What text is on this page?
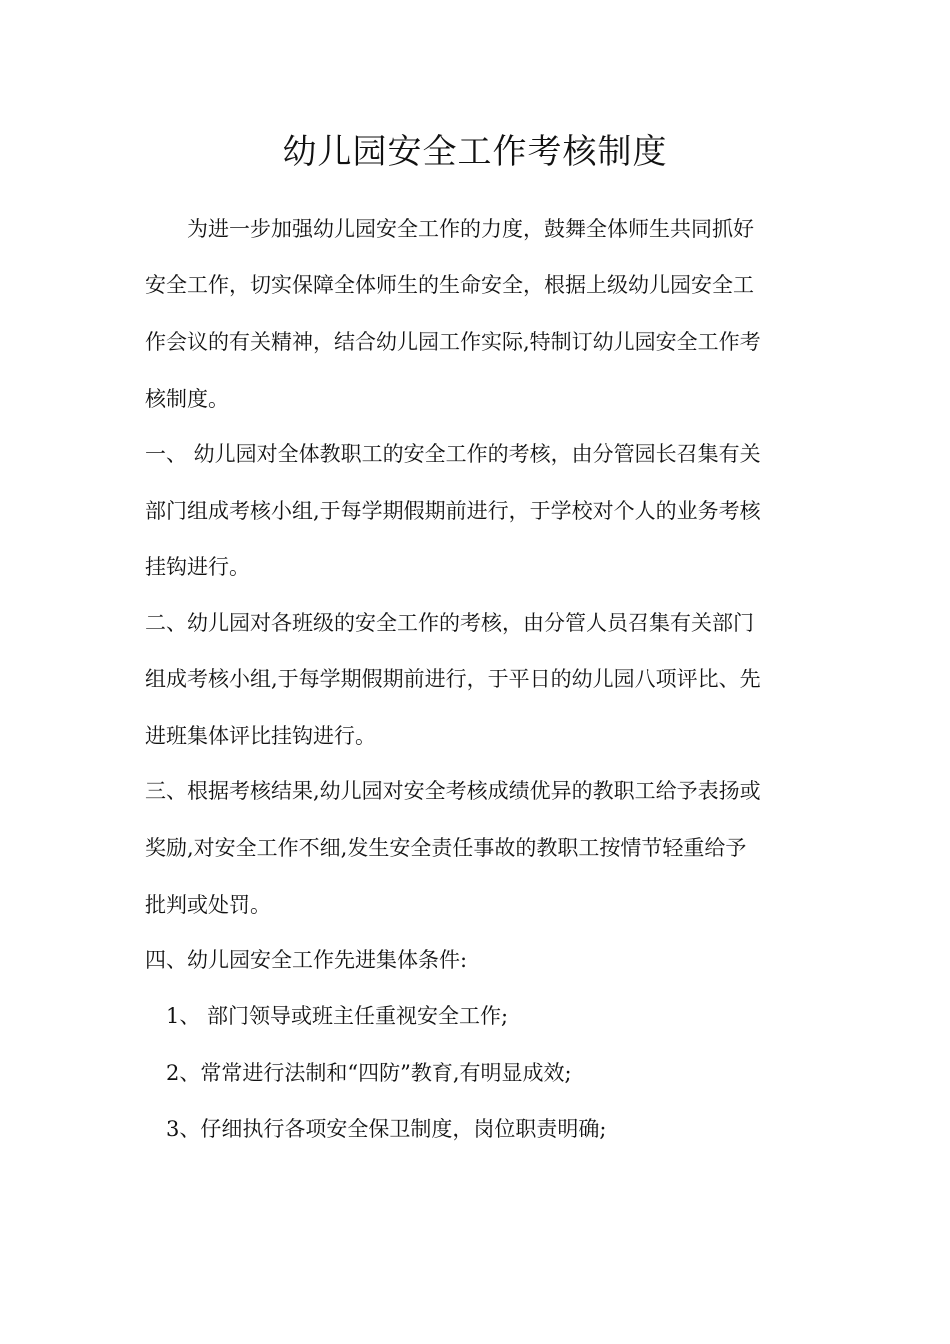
幼儿园安全工作考核制度
为进一步加强幼儿园安全工作的力度，鼓舞全体师生共同抓好
安全工作，切实保障全体师生的生命安全，根据上级幼儿园安全工
作会议的有关精神，结合幼儿园工作实际,特制订幼儿园安全工作考
核制度。
一、 幼儿园对全体教职工的安全工作的考核，由分管园长召集有关
部门组成考核小组,于每学期假期前进行，于学校对个人的业务考核
挂钩进行。
二、幼儿园对各班级的安全工作的考核，由分管人员召集有关部门
组成考核小组,于每学期假期前进行，于平日的幼儿园八项评比、先
进班集体评比挂钩进行。
三、根据考核结果,幼儿园对安全考核成绩优异的教职工给予表扬或
奖励,对安全工作不细,发生安全责任事故的教职工按情节轻重给予
批判或处罚。
四、幼儿园安全工作先进集体条件:
1、 部门领导或班主任重视安全工作;
2、常常进行法制和“四防”教育,有明显成效;
3、仔细执行各项安全保卫制度，岗位职责明确;
